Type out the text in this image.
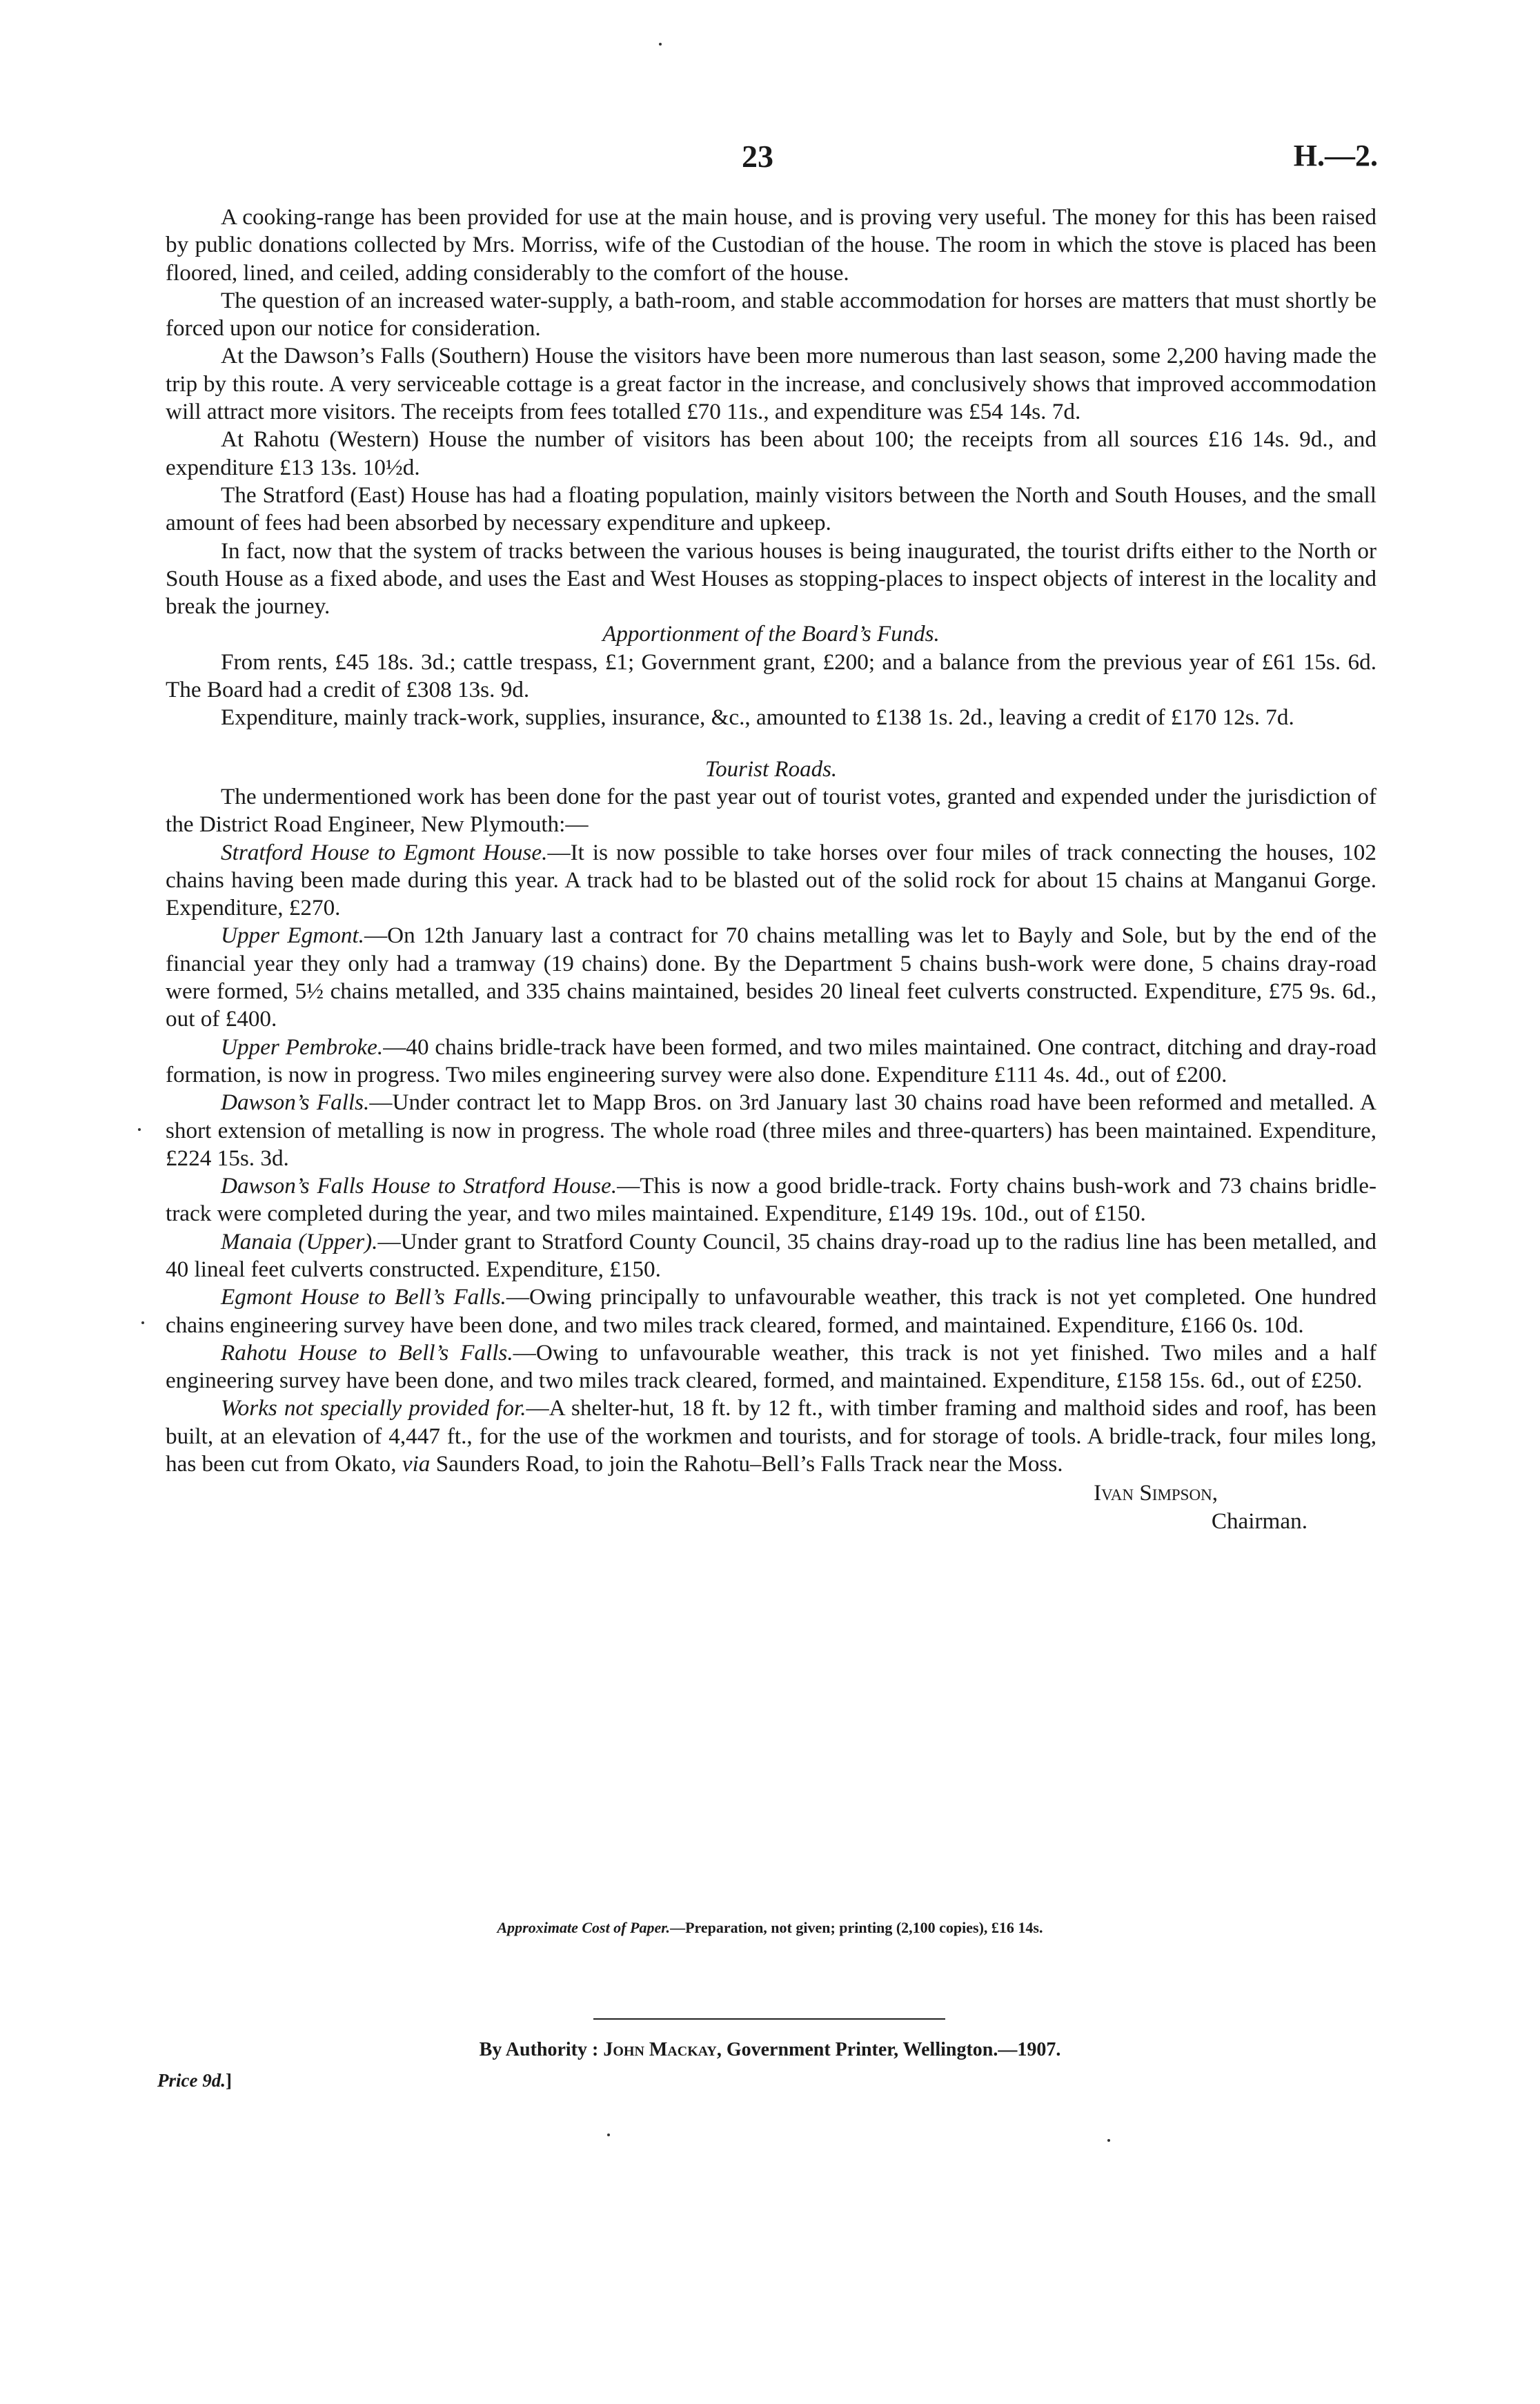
23	H.—2.

A cooking-range has been provided for use at the main house, and is proving very useful. The money for this has been raised by public donations collected by Mrs. Morriss, wife of the Custodian of the house. The room in which the stove is placed has been floored, lined, and ceiled, adding considerably to the comfort of the house.

The question of an increased water-supply, a bath-room, and stable accommodation for horses are matters that must shortly be forced upon our notice for consideration.

At the Dawson’s Falls (Southern) House the visitors have been more numerous than last season, some 2,200 having made the trip by this route. A very serviceable cottage is a great factor in the increase, and conclusively shows that improved accommodation will attract more visitors. The receipts from fees totalled £70 11s., and expenditure was £54 14s. 7d.

At Rahotu (Western) House the number of visitors has been about 100; the receipts from all sources £16 14s. 9d., and expenditure £13 13s. 10½d.

The Stratford (East) House has had a floating population, mainly visitors between the North and South Houses, and the small amount of fees had been absorbed by necessary expenditure and upkeep.

In fact, now that the system of tracks between the various houses is being inaugurated, the tourist drifts either to the North or South House as a fixed abode, and uses the East and West Houses as stopping-places to inspect objects of interest in the locality and break the journey.

Apportionment of the Board’s Funds.

From rents, £45 18s. 3d.; cattle trespass, £1; Government grant, £200; and a balance from the previous year of £61 15s. 6d. The Board had a credit of £308 13s. 9d.

Expenditure, mainly track-work, supplies, insurance, &c., amounted to £138 1s. 2d., leaving a credit of £170 12s. 7d.

Tourist Roads.

The undermentioned work has been done for the past year out of tourist votes, granted and expended under the jurisdiction of the District Road Engineer, New Plymouth:—

Stratford House to Egmont House.—It is now possible to take horses over four miles of track connecting the houses, 102 chains having been made during this year. A track had to be blasted out of the solid rock for about 15 chains at Manganui Gorge. Expenditure, £270.

Upper Egmont.—On 12th January last a contract for 70 chains metalling was let to Bayly and Sole, but by the end of the financial year they only had a tramway (19 chains) done. By the Department 5 chains bush-work were done, 5 chains dray-road were formed, 5½ chains metalled, and 335 chains maintained, besides 20 lineal feet culverts constructed. Expenditure, £75 9s. 6d., out of £400.

Upper Pembroke.—40 chains bridle-track have been formed, and two miles maintained. One contract, ditching and dray-road formation, is now in progress. Two miles engineering survey were also done. Expenditure £111 4s. 4d., out of £200.

Dawson’s Falls.—Under contract let to Mapp Bros. on 3rd January last 30 chains road have been reformed and metalled. A short extension of metalling is now in progress. The whole road (three miles and three-quarters) has been maintained. Expenditure, £224 15s. 3d.

Dawson’s Falls House to Stratford House.—This is now a good bridle-track. Forty chains bush-work and 73 chains bridle-track were completed during the year, and two miles maintained. Expenditure, £149 19s. 10d., out of £150.

Manaia (Upper).—Under grant to Stratford County Council, 35 chains dray-road up to the radius line has been metalled, and 40 lineal feet culverts constructed. Expenditure, £150.

Egmont House to Bell’s Falls.—Owing principally to unfavourable weather, this track is not yet completed. One hundred chains engineering survey have been done, and two miles track cleared, formed, and maintained. Expenditure, £166 0s. 10d.

Rahotu House to Bell’s Falls.—Owing to unfavourable weather, this track is not yet finished. Two miles and a half engineering survey have been done, and two miles track cleared, formed, and maintained. Expenditure, £158 15s. 6d., out of £250.

Works not specially provided for.—A shelter-hut, 18 ft. by 12 ft., with timber framing and malthoid sides and roof, has been built, at an elevation of 4,447 ft., for the use of the workmen and tourists, and for storage of tools. A bridle-track, four miles long, has been cut from Okato, via Saunders Road, to join the Rahotu–Bell’s Falls Track near the Moss.

Ivan Simpson,
Chairman.
Approximate Cost of Paper.—Preparation, not given; printing (2,100 copies), £16 14s.
By Authority : John Mackay, Government Printer, Wellington.—1907.
Price 9d.]
